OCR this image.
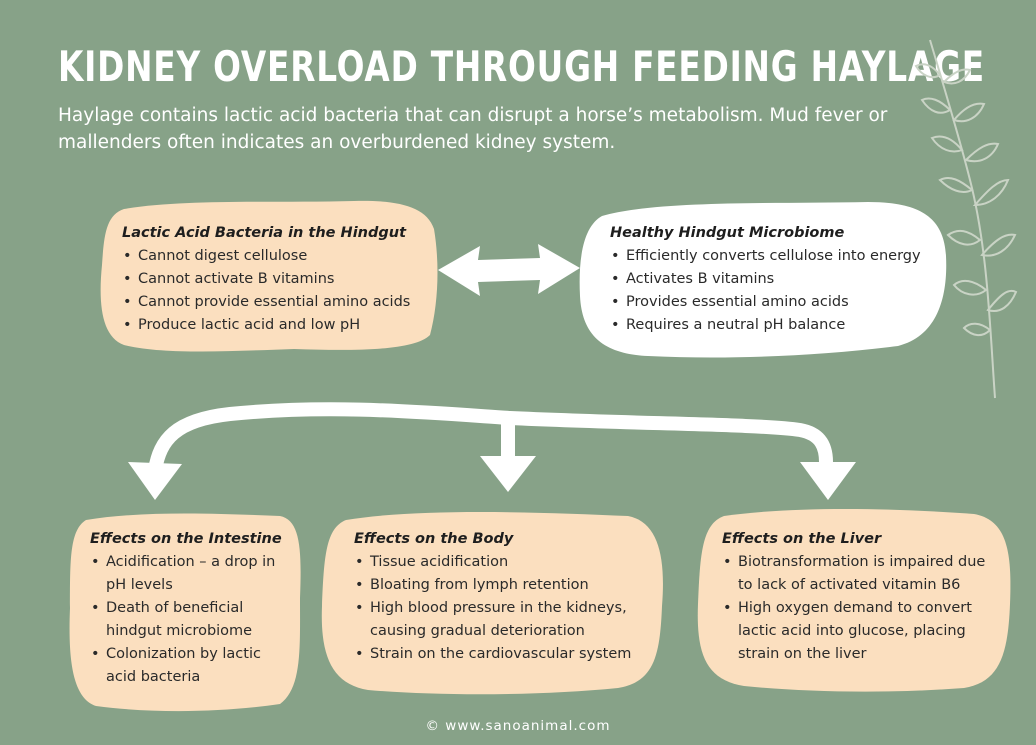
KIDNEY OVERLOAD THROUGH FEEDING HAYLAGE
Haylage contains lactic acid bacteria that can disrupt a horse’s metabolism. Mud fever or mallenders often indicates an overburdened kidney system.
Lactic Acid Bacteria in the Hindgut
• Cannot digest cellulose
• Cannot activate B vitamins
• Cannot provide essential amino acids
• Produce lactic acid and low pH
Healthy Hindgut Microbiome
• Efficiently converts cellulose into energy
• Activates B vitamins
• Provides essential amino acids
• Requires a neutral pH balance
Effects on the Intestine
• Acidification – a drop in pH levels
• Death of beneficial hindgut microbiome
• Colonization by lactic acid bacteria
Effects on the Body
• Tissue acidification
• Bloating from lymph retention
• High blood pressure in the kidneys, causing gradual deterioration
• Strain on the cardiovascular system
Effects on the Liver
• Biotransformation is impaired due to lack of activated vitamin B6
• High oxygen demand to convert lactic acid into glucose, placing strain on the liver
© www.sanoanimal.com
